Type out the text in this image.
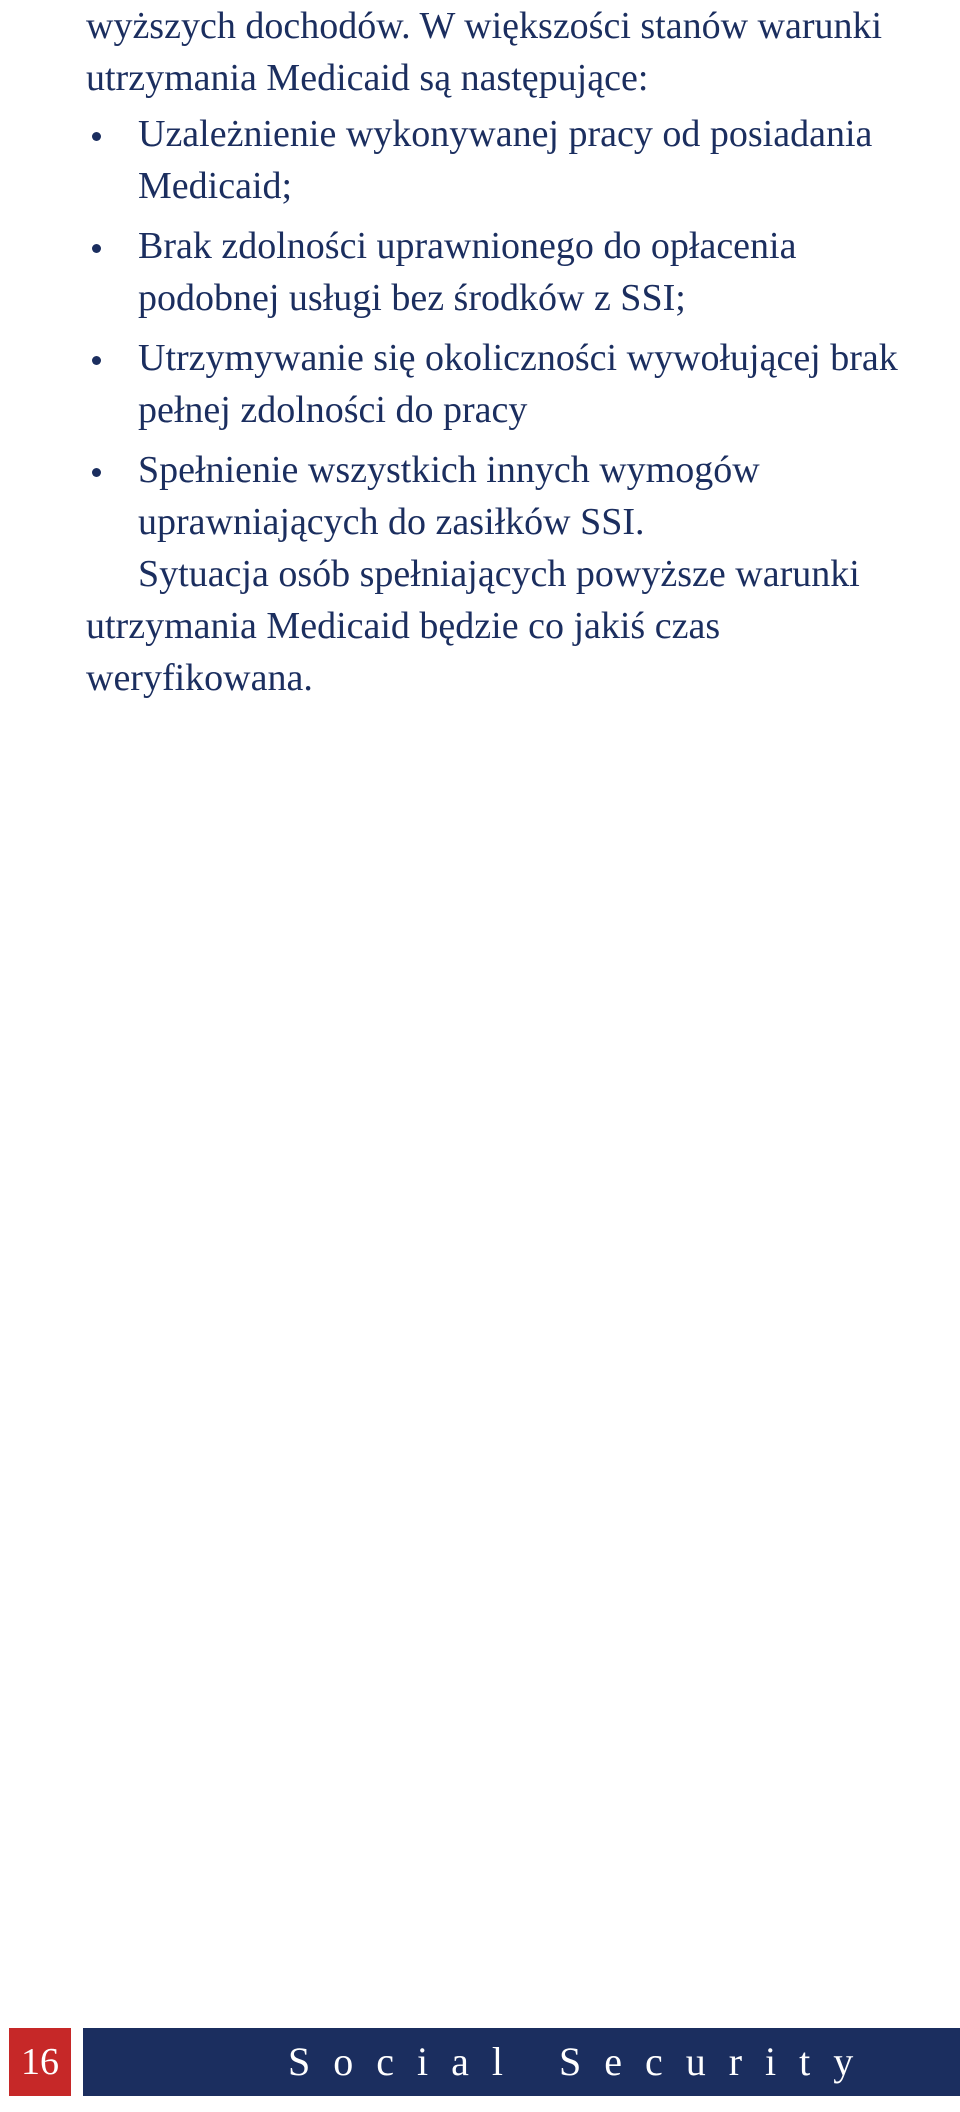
wyższych dochodów. W większości stanów warunki utrzymania Medicaid są następujące:

Uzależnienie wykonywanej pracy od posiadania Medicaid;
Brak zdolności uprawnionego do opłacenia podobnej usługi bez środków z SSI;
Utrzymywanie się okoliczności wywołującej brak pełnej zdolności do pracy
Spełnienie wszystkich innych wymogów uprawniających do zasiłków SSI.

Sytuacja osób spełniających powyższe warunki utrzymania Medicaid będzie co jakiś czas weryfikowana.

16	Social Security
